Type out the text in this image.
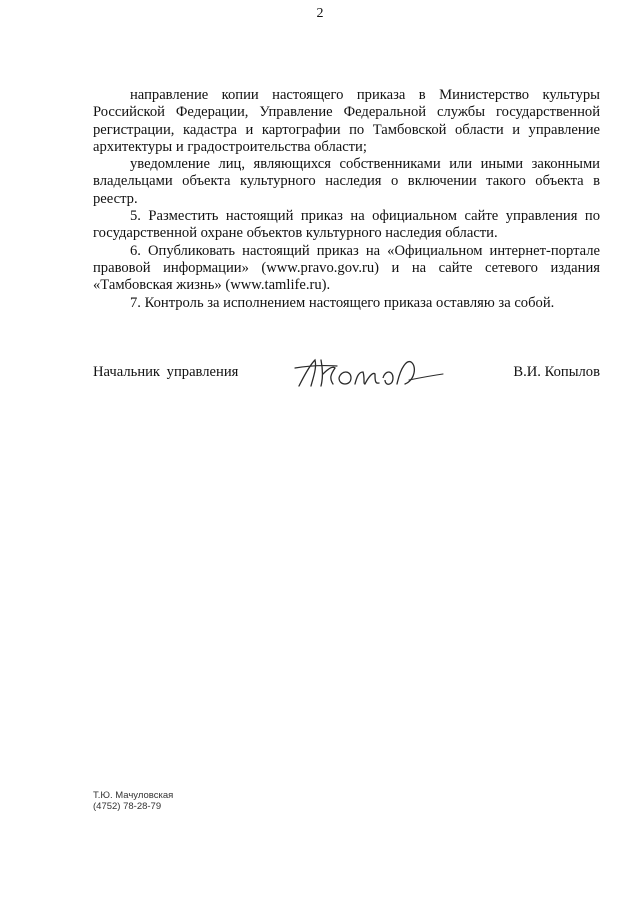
2

направление копии настоящего приказа в Министерство культуры Российской Федерации, Управление Федеральной службы государственной регистрации, кадастра и картографии по Тамбовской области и управление архитектуры и градостроительства области;

уведомление лиц, являющихся собственниками или иными законными владельцами объекта культурного наследия о включении такого объекта в реестр.

5. Разместить настоящий приказ на официальном сайте управления по государственной охране объектов культурного наследия области.

6. Опубликовать настоящий приказ на «Официальном интернет-портале правовой информации» (www.pravo.gov.ru) и на сайте сетевого издания «Тамбовская жизнь» (www.tamlife.ru).

7. Контроль за исполнением настоящего приказа оставляю за собой.

Начальник управления	В.И. Копылов
Т.Ю. Мачуловская
(4752) 78-28-79
